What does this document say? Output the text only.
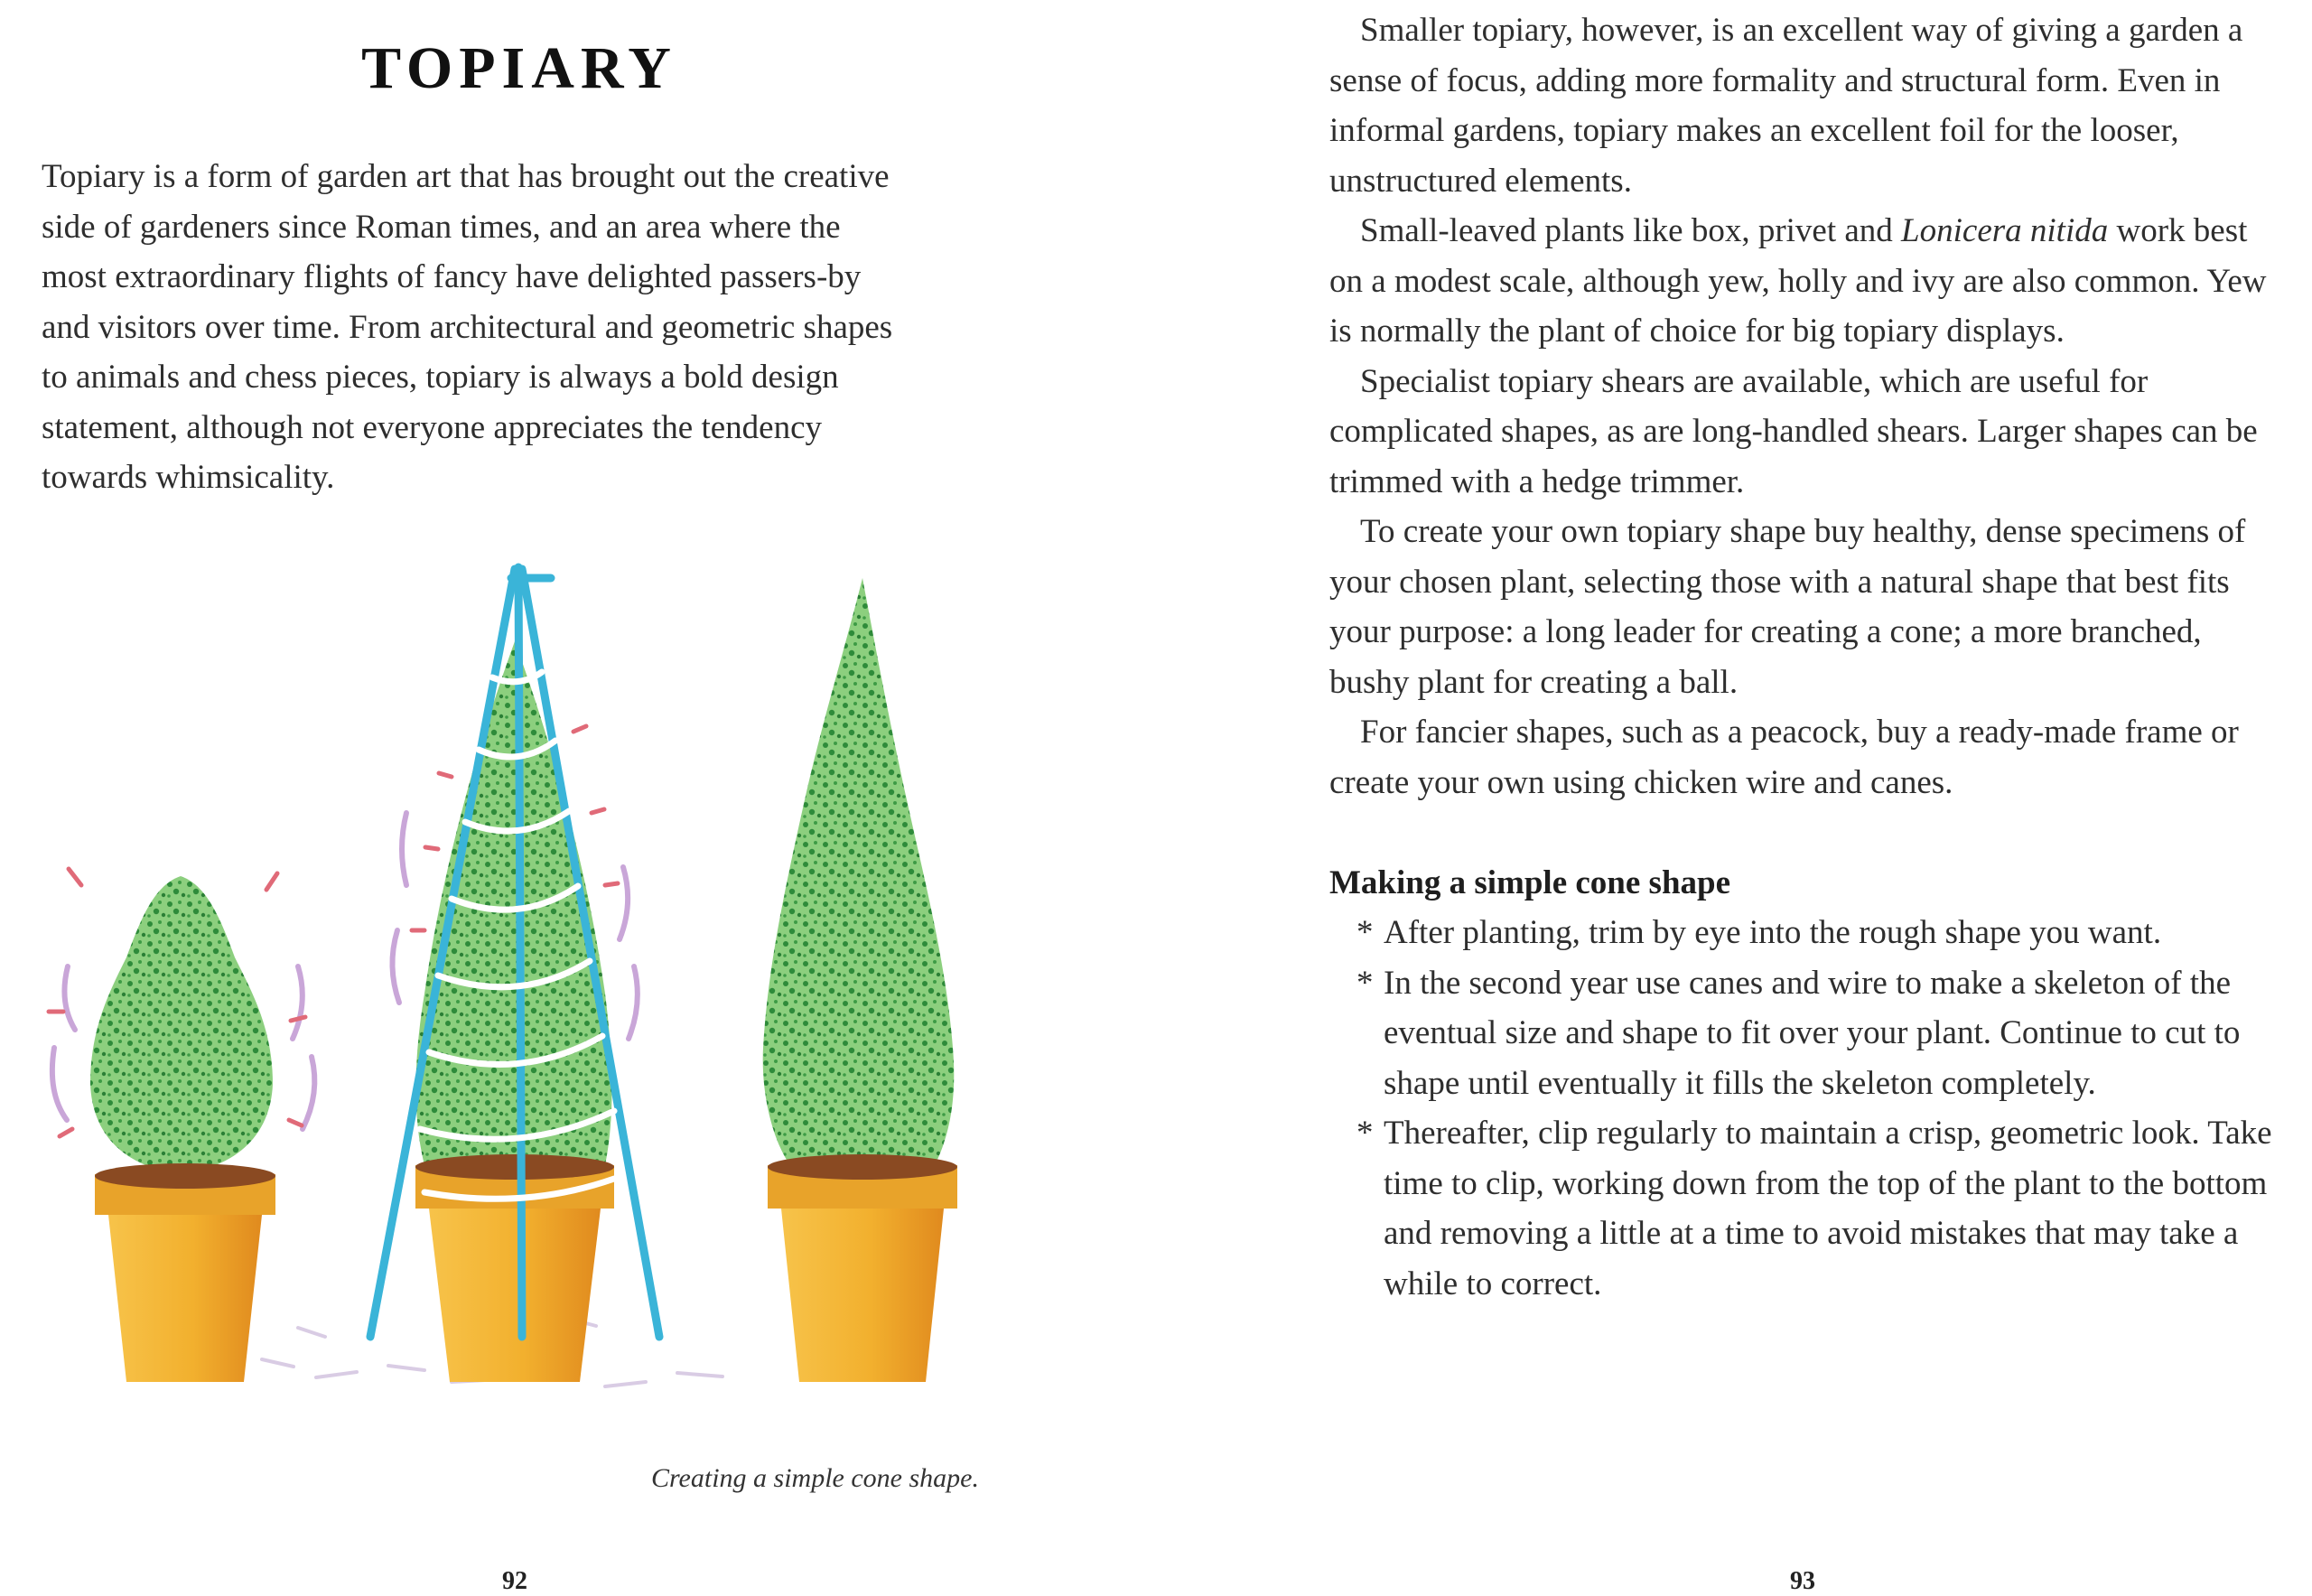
TOPIARY

Topiary is a form of garden art that has brought out the creative
side of gardeners since Roman times, and an area where the
most extraordinary flights of fancy have delighted passers-by
and visitors over time. From architectural and geometric shapes
to animals and chess pieces, topiary is always a bold design
statement, although not everyone appreciates the tendency
towards whimsicality.

Creating a simple cone shape.

92

Smaller topiary, however, is an excellent way of giving a garden a sense of focus, adding more formality and structural form. Even in informal gardens, topiary makes an excellent foil for the looser, unstructured elements.

Small-leaved plants like box, privet and Lonicera nitida work best on a modest scale, although yew, holly and ivy are also common. Yew is normally the plant of choice for big topiary displays.

Specialist topiary shears are available, which are useful for complicated shapes, as are long-handled shears. Larger shapes can be trimmed with a hedge trimmer.

To create your own topiary shape buy healthy, dense specimens of your chosen plant, selecting those with a natural shape that best fits your purpose: a long leader for creating a cone; a more branched, bushy plant for creating a ball.

For fancier shapes, such as a peacock, buy a ready-made frame or create your own using chicken wire and canes.

Making a simple cone shape
* After planting, trim by eye into the rough shape you want.
* In the second year use canes and wire to make a skeleton of the eventual size and shape to fit over your plant. Continue to cut to shape until eventually it fills the skeleton completely.
* Thereafter, clip regularly to maintain a crisp, geometric look. Take time to clip, working down from the top of the plant to the bottom and removing a little at a time to avoid mistakes that may take a while to correct.

93
